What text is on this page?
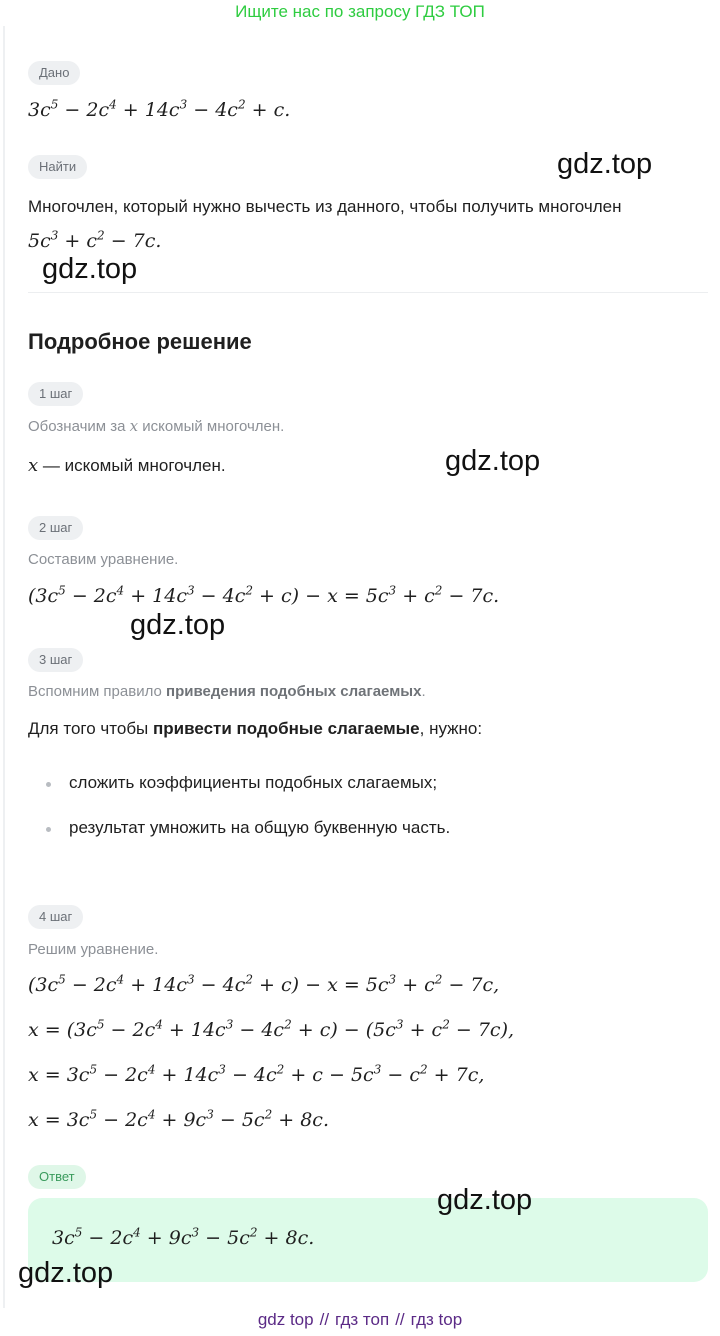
Ищите нас по запросу ГДЗ ТОП
Дано
$3c^5 - 2c^4 + 14c^3 - 4c^2 + c$.
Найти
Многочлен, который нужно вычесть из данного, чтобы получить многочлен
$5c^3 + c^2 - 7c$.
Подробное решение
1 шаг
Обозначим за x искомый многочлен.
x — искомый многочлен.
2 шаг
Составим уравнение.
$(3c^5 - 2c^4 + 14c^3 - 4c^2 + c) - x = 5c^3 + c^2 - 7c$.
3 шаг
Вспомним правило приведения подобных слагаемых.
Для того чтобы привести подобные слагаемые, нужно:
сложить коэффициенты подобных слагаемых;
результат умножить на общую буквенную часть.
4 шаг
Решим уравнение.
$(3c^5 - 2c^4 + 14c^3 - 4c^2 + c) - x = 5c^3 + c^2 - 7c$,
$x = (3c^5 - 2c^4 + 14c^3 - 4c^2 + c) - (5c^3 + c^2 - 7c)$,
$x = 3c^5 - 2c^4 + 14c^3 - 4c^2 + c - 5c^3 - c^2 + 7c$,
$x = 3c^5 - 2c^4 + 9c^3 - 5c^2 + 8c$.
Ответ
$3c^5 - 2c^4 + 9c^3 - 5c^2 + 8c$.
gdz.top
gdz.top
gdz.top
gdz.top
gdz.top
gdz.top
gdz top // гдз топ // гдз top
